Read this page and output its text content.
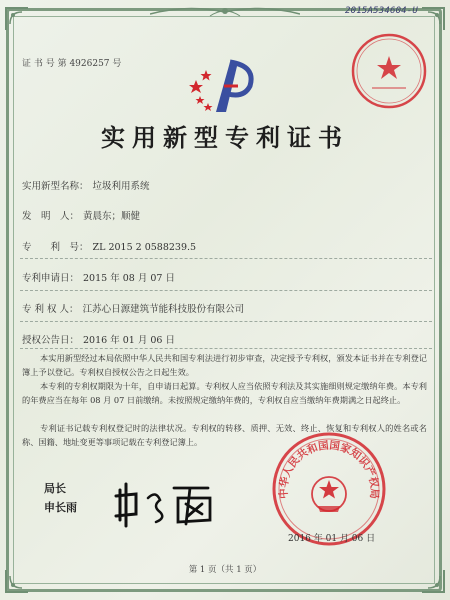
2015A534604-U
证 书 号 第 4926257 号
实用新型专利证书
实用新型名称： 垃圾利用系统
发　明　人： 黄晨东；顺健
专　　利　号： ZL 2015 2 0588239.5
专利申请日： 2015 年 08 月 07 日
专 利 权 人： 江苏心日源建筑节能科技股份有限公司
授权公告日： 2016 年 01 月 06 日
本实用新型经过本局依照中华人民共和国专利法进行初步审查，决定授予专利权，颁发本证书并在专利登记簿上予以登记。专利权自授权公告之日起生效。
本专利的专利权期限为十年，自申请日起算。专利权人应当依照专利法及其实施细则规定缴纳年费。本专利的年费应当在每年 08 月 07 日前缴纳。未按照规定缴纳年费的，专利权自应当缴纳年费期满之日起终止。
专利证书记载专利权登记时的法律状况。专利权的转移、质押、无效、终止、恢复和专利权人的姓名或名称、国籍、地址变更等事项记载在专利登记簿上。
局长
申长雨
中华人民共和国国家知识产权局
2016 年 01 月 06 日
第 1 页（共 1 页）
